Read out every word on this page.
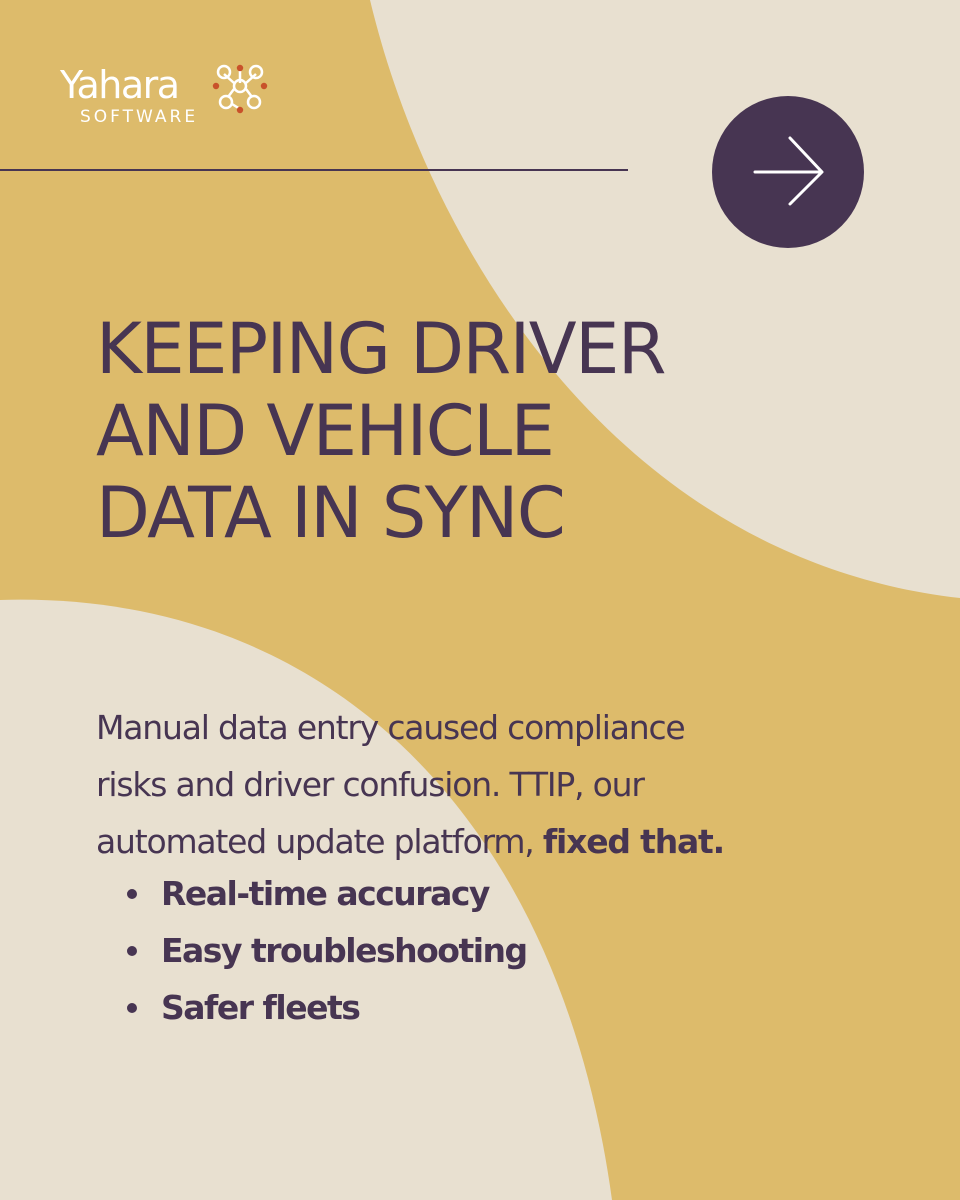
Yahara
SOFTWARE
KEEPING DRIVER
AND VEHICLE
DATA IN SYNC

Manual data entry caused compliance
risks and driver confusion. TTIP, our
automated update platform, fixed that.

Real-time accuracy
Easy troubleshooting
Safer fleets
